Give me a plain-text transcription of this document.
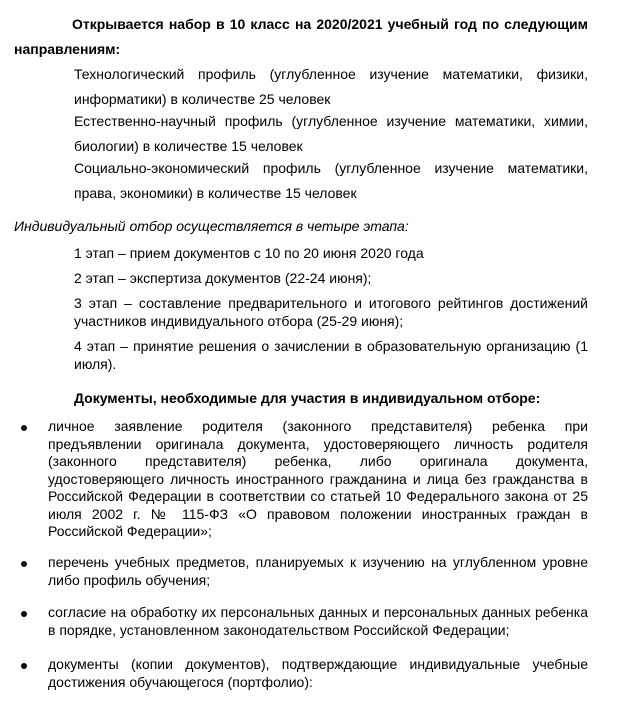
Открывается набор в 10 класс на 2020/2021 учебный год по следующим
направлениям:
Технологический профиль (углубленное изучение математики, физики,
информатики) в количестве 25 человек
Естественно-научный профиль (углубленное изучение математики, химии,
биологии) в количестве 15 человек
Социально-экономический профиль (углубленное изучение математики,
права, экономики) в количестве 15 человек
Индивидуальный отбор осуществляется в четыре этапа:
1 этап – прием документов с 10 по 20 июня 2020 года
2 этап – экспертиза документов (22-24 июня);
3 этап – составление предварительного и итогового рейтингов достижений
участников индивидуального отбора (25-29 июня);
4 этап – принятие решения о зачислении в образовательную организацию (1
июля).
Документы, необходимые для участия в индивидуальном отборе:
личное заявление родителя (законного представителя) ребенка при
предъявлении оригинала документа, удостоверяющего личность родителя
(законного представителя) ребенка, либо оригинала документа,
удостоверяющего личность иностранного гражданина и лица без гражданства в
Российской Федерации в соответствии со статьей 10 Федерального закона от 25
июля 2002 г. № 115-ФЗ «О правовом положении иностранных граждан в
Российской Федерации»;
перечень учебных предметов, планируемых к изучению на углубленном уровне
либо профиль обучения;
согласие на обработку их персональных данных и персональных данных ребенка
в порядке, установленном законодательством Российской Федерации;
документы (копии документов), подтверждающие индивидуальные учебные
достижения обучающегося (портфолио):
